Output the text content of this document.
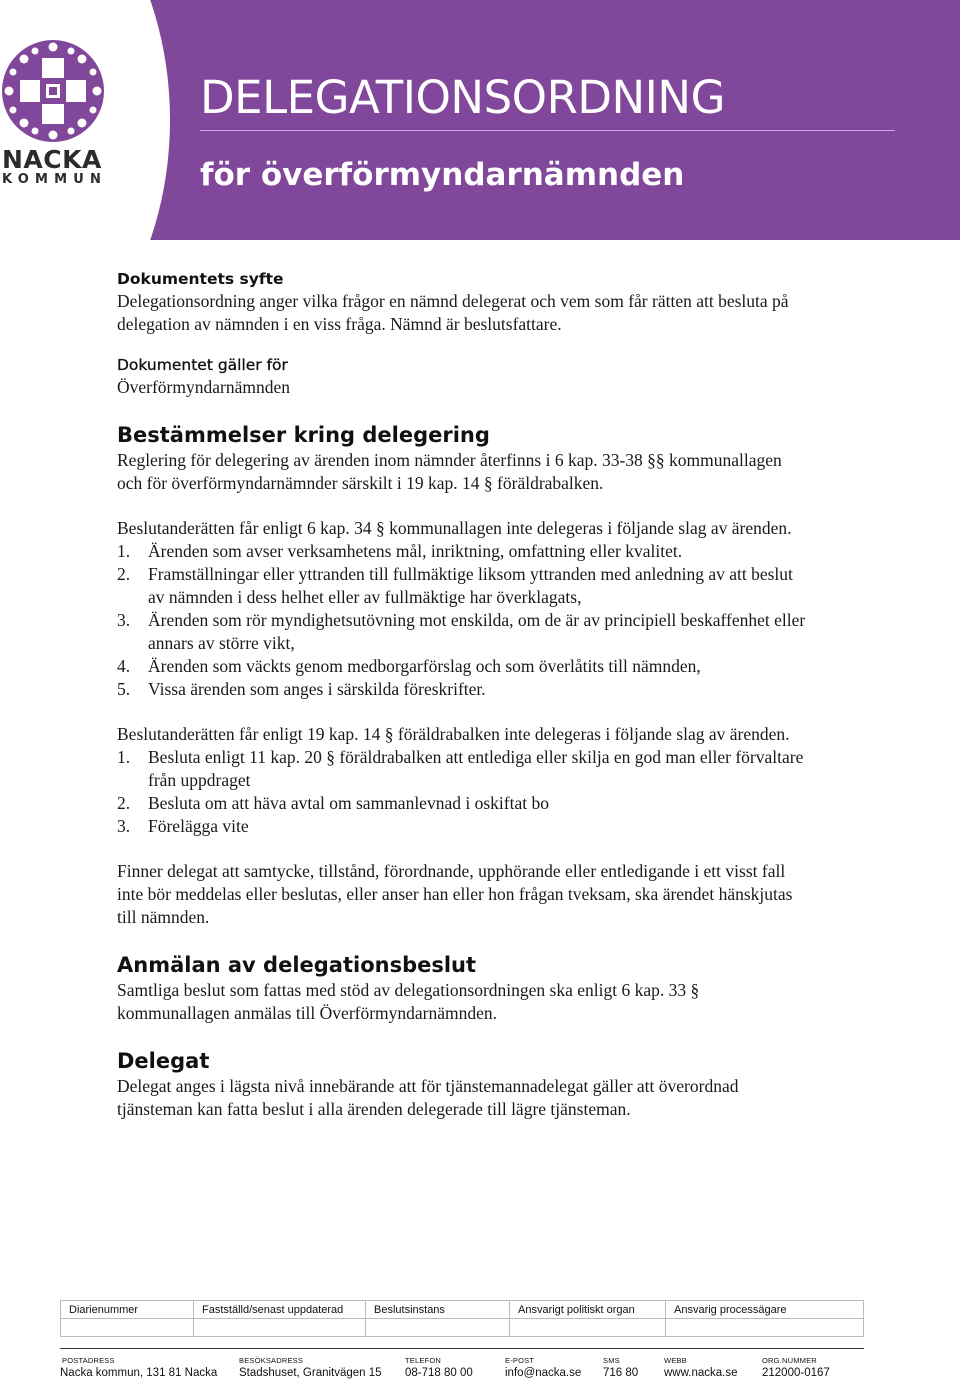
NACKA
KOMMUN
DELEGATIONSORDNING
för överförmyndarnämnden

Dokumentets syfte

Delegationsordning anger vilka frågor en nämnd delegerat och vem som får rätten att besluta på delegation av nämnden i en viss fråga. Nämnd är beslutsfattare.

Dokumentet gäller för

Överförmyndarnämnden

Bestämmelser kring delegering

Reglering för delegering av ärenden inom nämnder återfinns i 6 kap. 33-38 §§ kommunallagen och för överförmyndarnämnder särskilt i 19 kap. 14 § föräldrabalken.

Beslutanderätten får enligt 6 kap. 34 § kommunallagen inte delegeras i följande slag av ärenden.

1. Ärenden som avser verksamhetens mål, inriktning, omfattning eller kvalitet.
2. Framställningar eller yttranden till fullmäktige liksom yttranden med anledning av att beslut av nämnden i dess helhet eller av fullmäktige har överklagats,
3. Ärenden som rör myndighetsutövning mot enskilda, om de är av principiell beskaffenhet eller annars av större vikt,
4. Ärenden som väckts genom medborgarförslag och som överlåtits till nämnden,
5. Vissa ärenden som anges i särskilda föreskrifter.

Beslutanderätten får enligt 19 kap. 14 § föräldrabalken inte delegeras i följande slag av ärenden.

1. Besluta enligt 11 kap. 20 § föräldrabalken att entlediga eller skilja en god man eller förvaltare från uppdraget
2. Besluta om att häva avtal om sammanlevnad i oskiftat bo
3. Förelägga vite

Finner delegat att samtycke, tillstånd, förordnande, upphörande eller entledigande i ett visst fall inte bör meddelas eller beslutas, eller anser han eller hon frågan tveksam, ska ärendet hänskjutas till nämnden.

Anmälan av delegationsbeslut

Samtliga beslut som fattas med stöd av delegationsordningen ska enligt 6 kap. 33 § kommunallagen anmälas till Överförmyndarnämnden.

Delegat

Delegat anges i lägsta nivå innebärande att för tjänstemannadelegat gäller att överordnad tjänsteman kan fatta beslut i alla ärenden delegerade till lägre tjänsteman.

Diarienummer	Fastställd/senast uppdaterad	Beslutsinstans	Ansvarigt politiskt organ	Ansvarig processägare

POSTADRESS
Nacka kommun, 131 81 Nacka
BESÖKSADRESS
Stadshuset, Granitvägen 15
TELEFON
08-718 80 00
E-POST
info@nacka.se
SMS
716 80
WEBB
www.nacka.se
ORG.NUMMER
212000-0167
